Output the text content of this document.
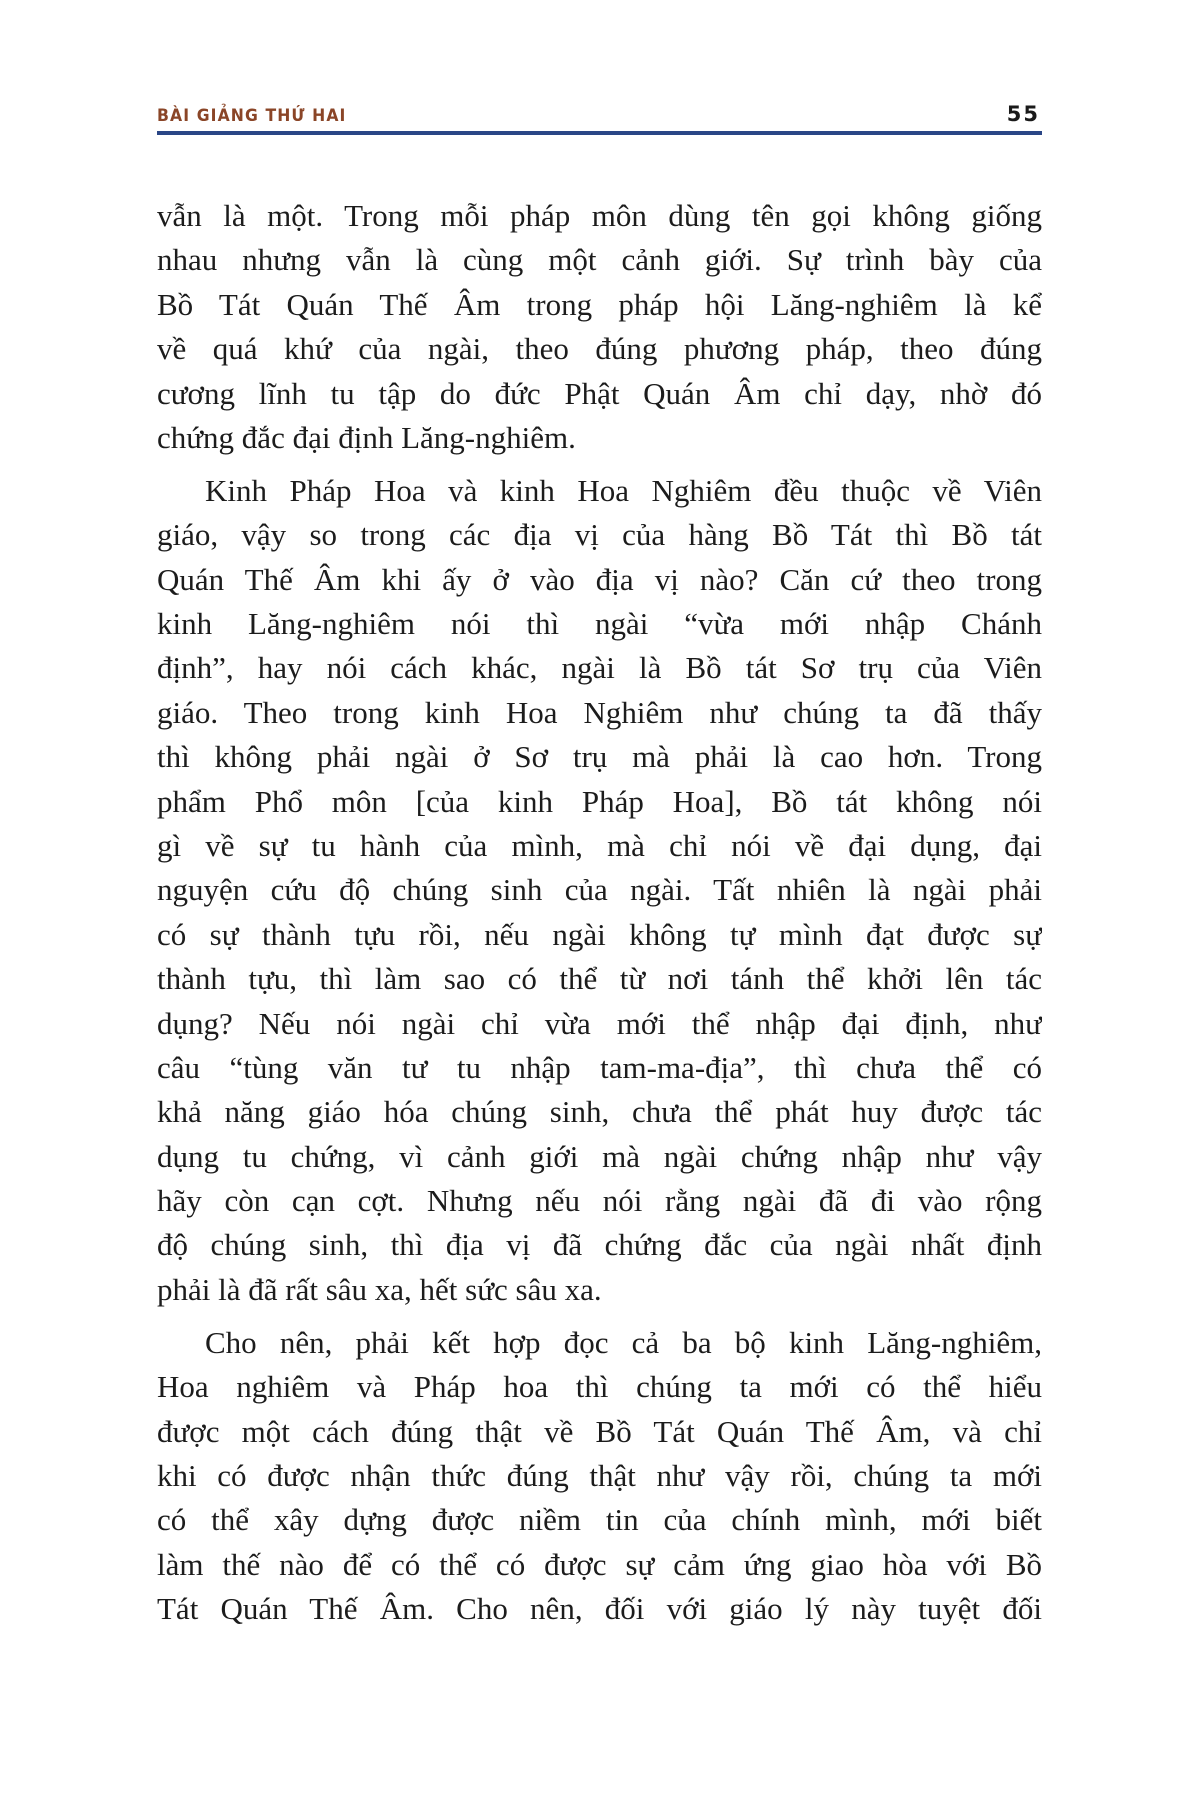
BÀI GIẢNG THỨ HAI	55
vẫn là một. Trong mỗi pháp môn dùng tên gọi không giống
nhau nhưng vẫn là cùng một cảnh giới. Sự trình bày của
Bồ Tát Quán Thế Âm trong pháp hội Lăng-nghiêm là kể
về quá khứ của ngài, theo đúng phương pháp, theo đúng
cương lĩnh tu tập do đức Phật Quán Âm chỉ dạy, nhờ đó
chứng đắc đại định Lăng-nghiêm.
Kinh Pháp Hoa và kinh Hoa Nghiêm đều thuộc về Viên
giáo, vậy so trong các địa vị của hàng Bồ Tát thì Bồ tát
Quán Thế Âm khi ấy ở vào địa vị nào? Căn cứ theo trong
kinh Lăng-nghiêm nói thì ngài “vừa mới nhập Chánh
định”, hay nói cách khác, ngài là Bồ tát Sơ trụ của Viên
giáo. Theo trong kinh Hoa Nghiêm như chúng ta đã thấy
thì không phải ngài ở Sơ trụ mà phải là cao hơn. Trong
phẩm Phổ môn [của kinh Pháp Hoa], Bồ tát không nói
gì về sự tu hành của mình, mà chỉ nói về đại dụng, đại
nguyện cứu độ chúng sinh của ngài. Tất nhiên là ngài phải
có sự thành tựu rồi, nếu ngài không tự mình đạt được sự
thành tựu, thì làm sao có thể từ nơi tánh thể khởi lên tác
dụng? Nếu nói ngài chỉ vừa mới thể nhập đại định, như
câu “tùng văn tư tu nhập tam-ma-địa”, thì chưa thể có
khả năng giáo hóa chúng sinh, chưa thể phát huy được tác
dụng tu chứng, vì cảnh giới mà ngài chứng nhập như vậy
hãy còn cạn cợt. Nhưng nếu nói rằng ngài đã đi vào rộng
độ chúng sinh, thì địa vị đã chứng đắc của ngài nhất định
phải là đã rất sâu xa, hết sức sâu xa.
Cho nên, phải kết hợp đọc cả ba bộ kinh Lăng-nghiêm,
Hoa nghiêm và Pháp hoa thì chúng ta mới có thể hiểu
được một cách đúng thật về Bồ Tát Quán Thế Âm, và chỉ
khi có được nhận thức đúng thật như vậy rồi, chúng ta mới
có thể xây dựng được niềm tin của chính mình, mới biết
làm thế nào để có thể có được sự cảm ứng giao hòa với Bồ
Tát Quán Thế Âm. Cho nên, đối với giáo lý này tuyệt đối
